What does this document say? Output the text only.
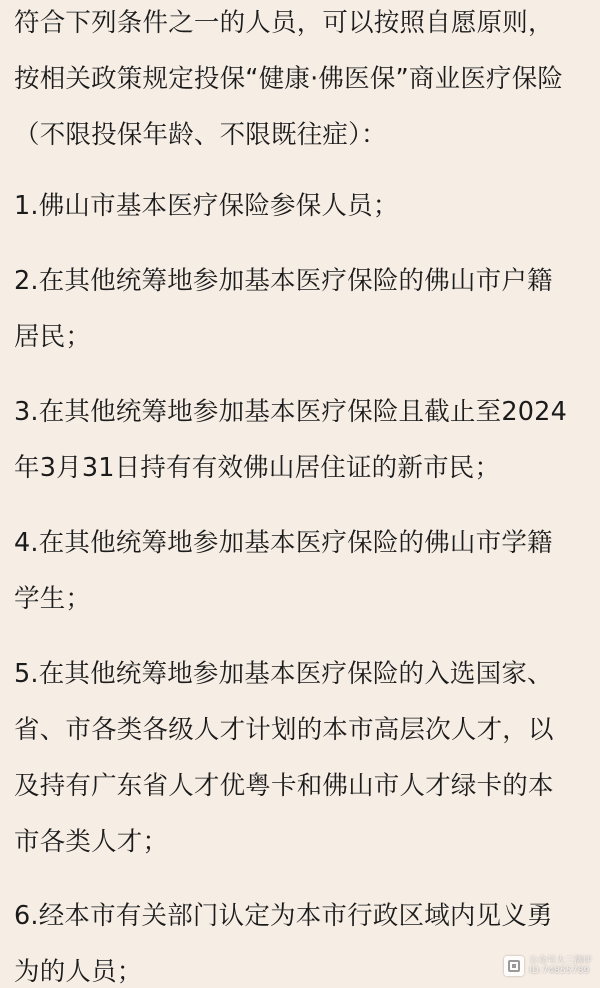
符合下列条件之一的人员，可以按照自愿原则，
按相关政策规定投保“健康·佛医保”商业医疗保险
（不限投保年龄、不限既往症）：
1.佛山市基本医疗保险参保人员；
2.在其他统筹地参加基本医疗保险的佛山市户籍
居民；
3.在其他统筹地参加基本医疗保险且截止至2024
年3月31日持有有效佛山居住证的新市民；
4.在其他统筹地参加基本医疗保险的佛山市学籍
学生；
5.在其他统筹地参加基本医疗保险的入选国家、
省、市各类各级人才计划的本市高层次人才，以
及持有广东省人才优粤卡和佛山市人才绿卡的本
市各类人才；
6.经本市有关部门认定为本市行政区域内见义勇
为的人员；	公众号大三测评
ID:74855789
